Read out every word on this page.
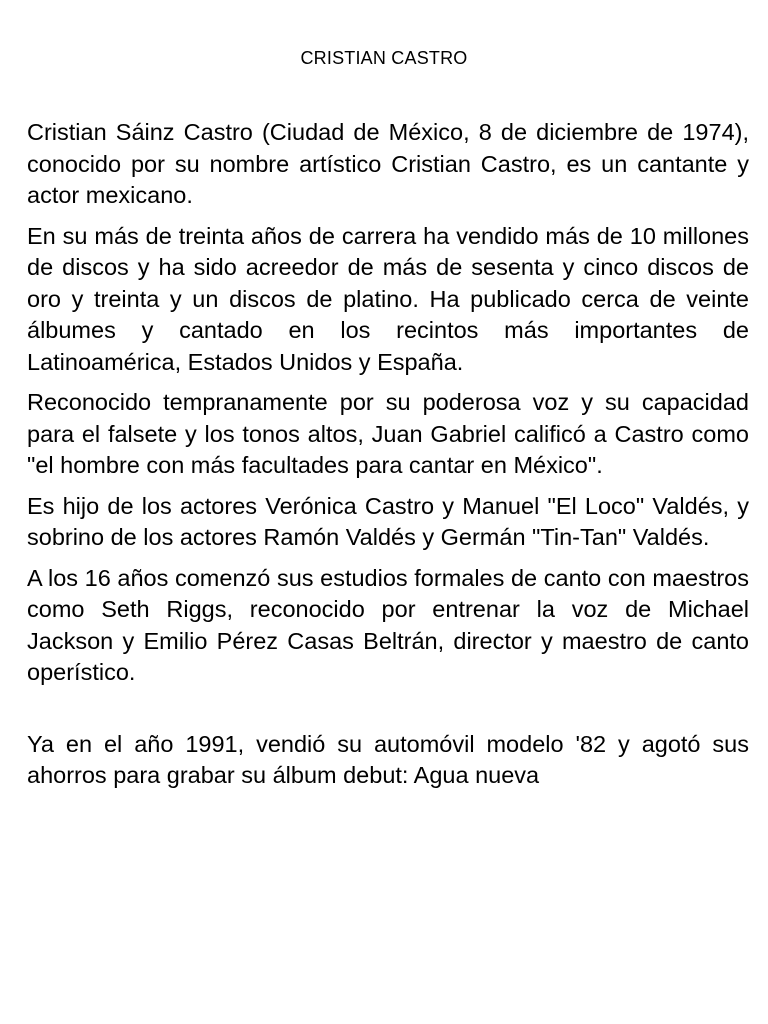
CRISTIAN CASTRO

Cristian Sáinz Castro (Ciudad de México, 8 de diciembre de 1974), conocido por su nombre artístico Cristian Castro, es un cantante y actor mexicano.

En su más de treinta años de carrera ha vendido más de 10 millones de discos y ha sido acreedor de más de sesenta y cinco discos de oro y treinta y un discos de platino. Ha publicado cerca de veinte álbumes y cantado en los recintos más importantes de Latinoamérica, Estados Unidos y España.

Reconocido tempranamente por su poderosa voz y su capacidad para el falsete y los tonos altos, Juan Gabriel calificó a Castro como "el hombre con más facultades para cantar en México".

Es hijo de los actores Verónica Castro y Manuel "El Loco" Valdés, y sobrino de los actores Ramón Valdés y Germán "Tin-Tan" Valdés.

A los 16 años comenzó sus estudios formales de canto con maestros como Seth Riggs, reconocido por entrenar la voz de Michael Jackson y Emilio Pérez Casas Beltrán, director y maestro de canto operístico.

Ya en el año 1991, vendió su automóvil modelo '82 y agotó sus ahorros para grabar su álbum debut: Agua nueva
